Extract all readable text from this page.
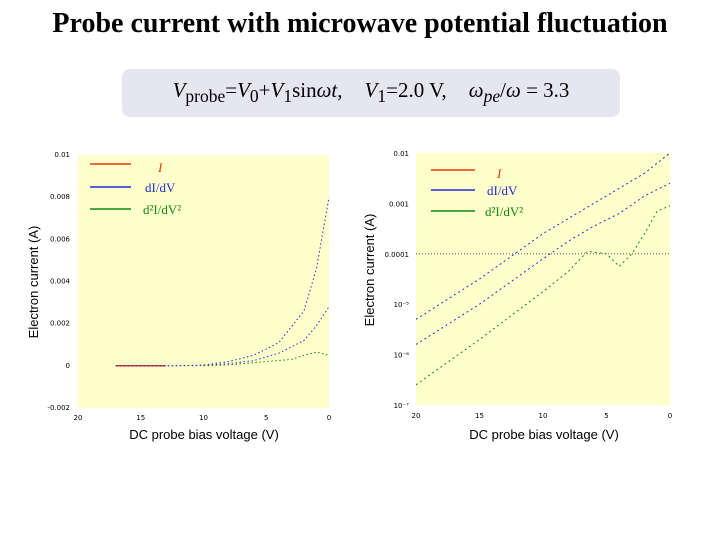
Probe current with microwave potential fluctuation
$V_{probe}=V_0+V_1\sin\omega t$, $V_1=2.0$ V, $\omega_{pe}/\omega = 3.3$
0.01
0.008
0.006
0.004
0.002
0
-0.002
20	15	10	5	0
DC probe bias voltage (V)
Electron current (A)
I
dI/dV
d²I/dV²
0.01
0.001
0.0001
10⁻⁵
10⁻⁶
10⁻⁷
20	15	10	5	0
DC probe bias voltage (V)
Electron current (A)
I
dI/dV
d²I/dV²
